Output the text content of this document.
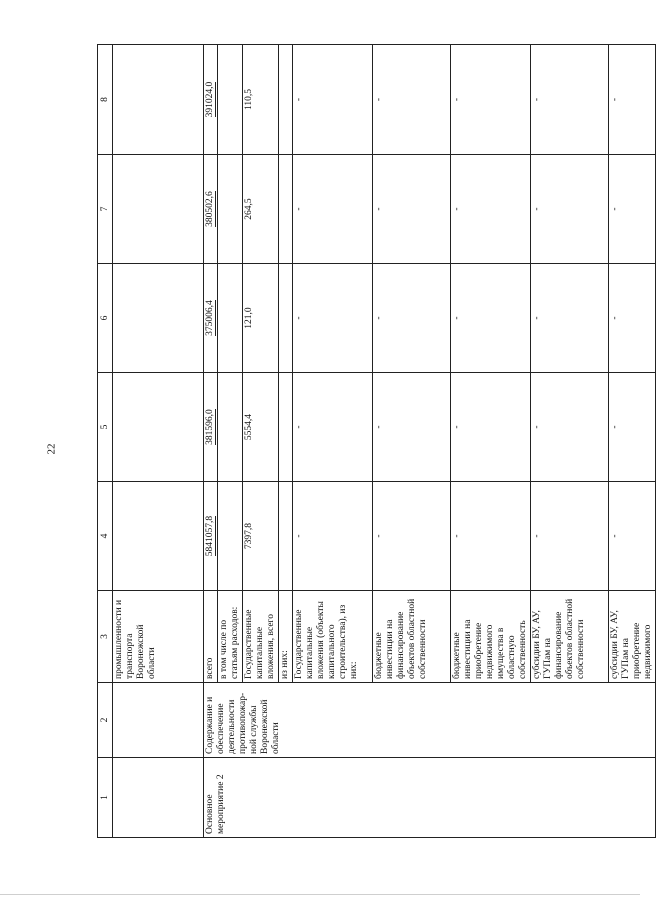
22
1	2	3	4	5	6	7	8
		промышленности и транспорта Воронежской области					
Основное мероприятие 2	Содержание и обеспечение деятельности противопожар-ной службы Воронежской области	всего	5841057,8	381596,0	375006,4	380502,6	391024,0
		в том числе по статьям расходов:					
		Государственные капитальные вложения, всего	7397,8	5554,4	121,0	264,5	110,5
		из них:					
		Государственные капитальные вложения (объекты капитального строительства), из них:	-	-	-	-	-
		бюджетные инвестиции на финансирование объектов областной собственности	-	-	-	-	-
		бюджетные инвестиции на приобретение недвижимого имущества в областную собственность	-	-	-	-	-
		субсидии БУ, АУ, ГУПам на финансирование объектов областной собственности	-	-	-	-	-
		субсидии БУ, АУ, ГУПам на приобретение недвижимого	-	-	-	-	-
